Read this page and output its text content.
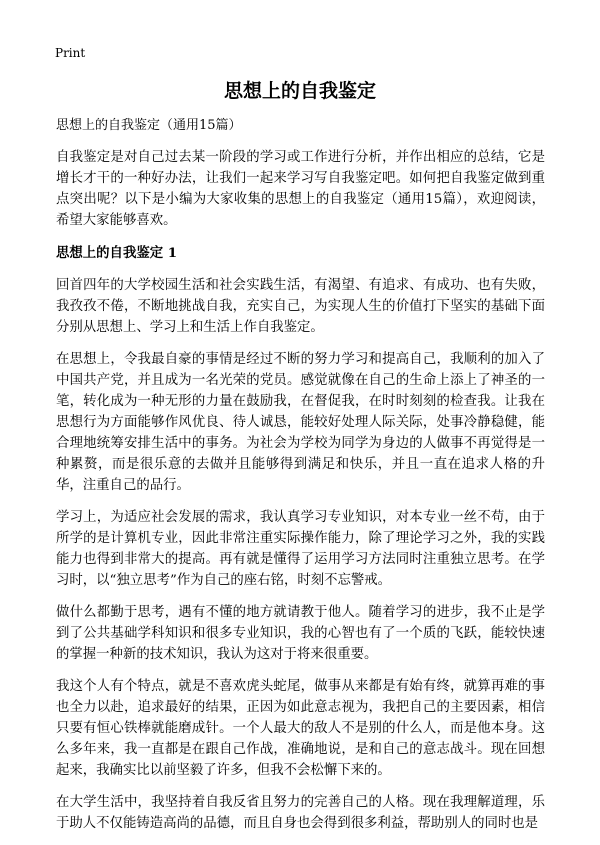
Print
思想上的自我鉴定
思想上的自我鉴定（通用15篇）

自我鉴定是对自己过去某一阶段的学习或工作进行分析，并作出相应的总结，它是增长才干的一种好办法，让我们一起来学习写自我鉴定吧。如何把自我鉴定做到重点突出呢？以下是小编为大家收集的思想上的自我鉴定（通用15篇），欢迎阅读，希望大家能够喜欢。

思想上的自我鉴定 1

回首四年的大学校园生活和社会实践生活，有渴望、有追求、有成功、也有失败，我孜孜不倦，不断地挑战自我，充实自己，为实现人生的价值打下坚实的基础下面分别从思想上、学习上和生活上作自我鉴定。

在思想上，令我最自豪的事情是经过不断的努力学习和提高自己，我顺利的加入了中国共产党，并且成为一名光荣的党员。感觉就像在自己的生命上添上了神圣的一笔，转化成为一种无形的力量在鼓励我，在督促我，在时时刻刻的检查我。让我在思想行为方面能够作风优良、待人诚恳，能较好处理人际关际，处事冷静稳健，能合理地统筹安排生活中的事务。为社会为学校为同学为身边的人做事不再觉得是一种累赘，而是很乐意的去做并且能够得到满足和快乐，并且一直在追求人格的升华，注重自己的品行。

学习上，为适应社会发展的需求，我认真学习专业知识，对本专业一丝不苟，由于所学的是计算机专业，因此非常注重实际操作能力，除了理论学习之外，我的实践能力也得到非常大的提高。再有就是懂得了运用学习方法同时注重独立思考。在学习时，以“独立思考”作为自己的座右铭，时刻不忘警戒。

做什么都勤于思考，遇有不懂的地方就请教于他人。随着学习的进步，我不止是学到了公共基础学科知识和很多专业知识，我的心智也有了一个质的飞跃，能较快速的掌握一种新的技术知识，我认为这对于将来很重要。

我这个人有个特点，就是不喜欢虎头蛇尾，做事从来都是有始有终，就算再难的事也全力以赴，追求最好的结果，正因为如此意志视为，我把自己的主要因素，相信只要有恒心铁棒就能磨成针。一个人最大的敌人不是别的什么人，而是他本身。这么多年来，我一直都是在跟自己作战，准确地说，是和自己的意志战斗。现在回想起来，我确实比以前坚毅了许多，但我不会松懈下来的。

在大学生活中，我坚持着自我反省且努力的完善自己的人格。现在我理解道理，乐于助人不仅能铸造高尚的品德，而且自身也会得到很多利益，帮助别人的同时也是
